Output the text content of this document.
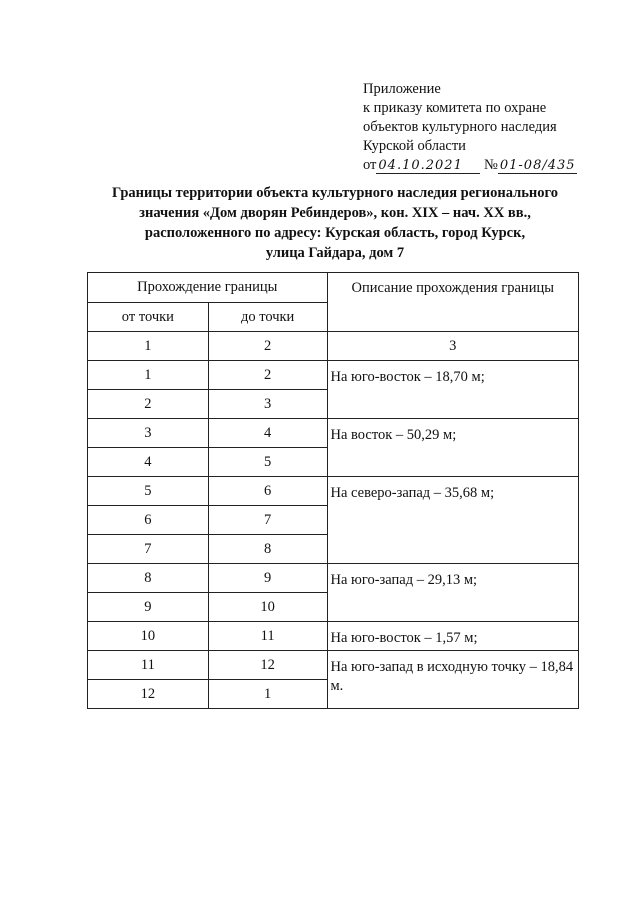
Приложение
к приказу комитета по охране
объектов культурного наследия
Курской области
от 04.10.2021 № 01-08/435
Границы территории объекта культурного наследия регионального
значения «Дом дворян Ребиндеров», кон. XIX – нач. XX вв.,
расположенного по адресу: Курская область, город Курск,
улица Гайдара, дом 7
Прохождение границы		Описание прохождения границы
от точки	до точки	
1	2	3
1	2	На юго-восток – 18,70 м;
2	3	
3	4	На восток – 50,29 м;
4	5	
5	6	На северо-запад – 35,68 м;
6	7	
7	8	
8	9	На юго-запад – 29,13 м;
9	10	
10	11	На юго-восток – 1,57 м;
11	12	На юго-запад в исходную точку – 18,84 м.
12	1	
